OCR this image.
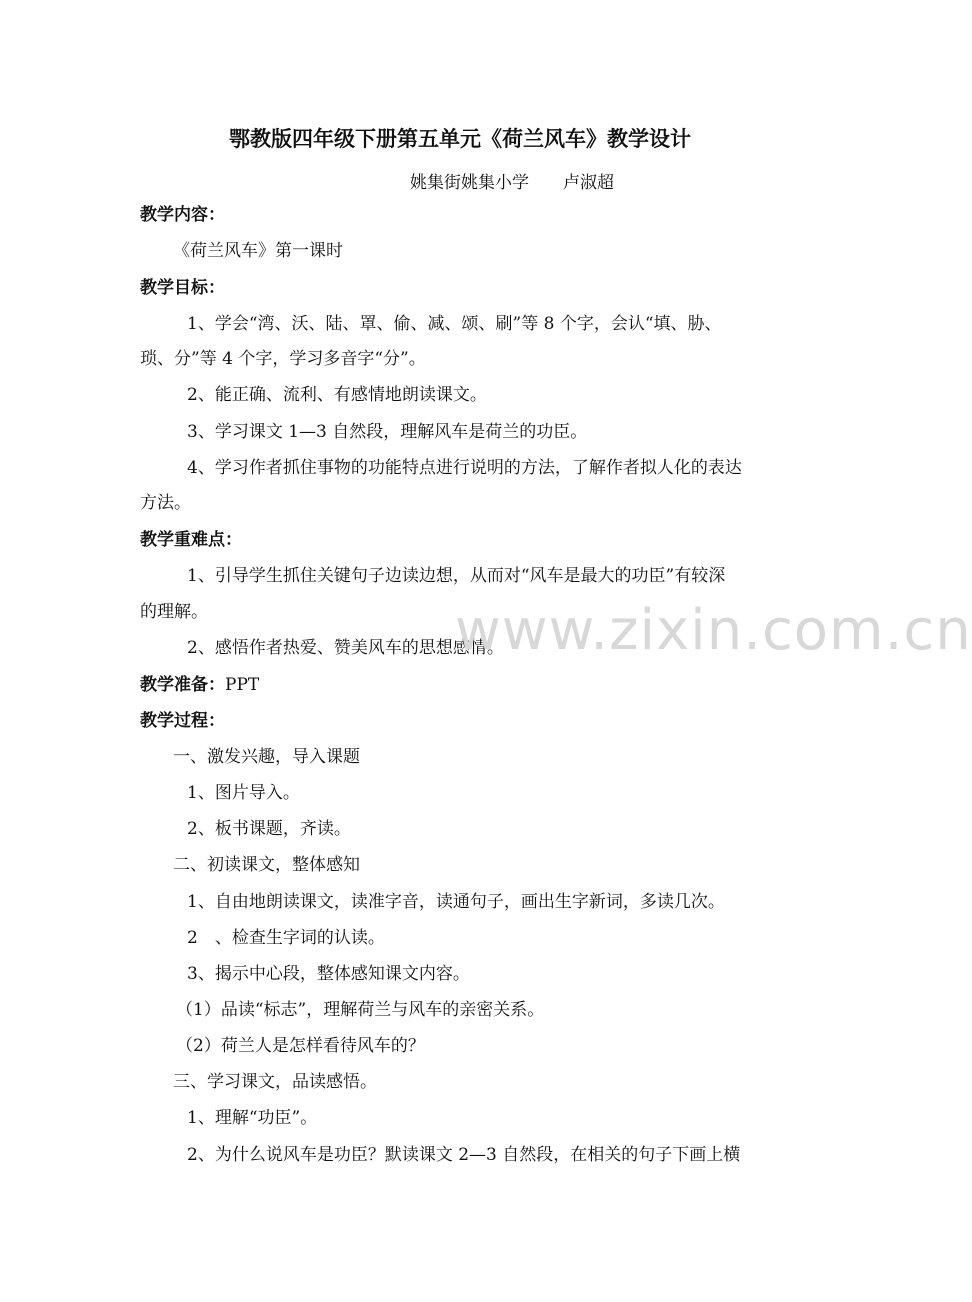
鄂教版四年级下册第五单元《荷兰风车》教学设计
姚集街姚集小学　　卢淑超
教学内容：
《荷兰风车》第一课时
教学目标：
1、学会“湾、沃、陆、罩、偷、减、颂、刷”等 8 个字，会认“填、胁、
琐、分”等 4 个字，学习多音字“分”。
2、能正确、流利、有感情地朗读课文。
3、学习课文 1—3 自然段，理解风车是荷兰的功臣。
4、学习作者抓住事物的功能特点进行说明的方法，了解作者拟人化的表达
方法。
教学重难点：
1、引导学生抓住关键句子边读边想，从而对“风车是最大的功臣”有较深
的理解。
2、感悟作者热爱、赞美风车的思想感情。
教学准备：PPT
教学过程：
一、激发兴趣，导入课题
1、图片导入。
2、板书课题，齐读。
二、初读课文，整体感知
1、自由地朗读课文，读准字音，读通句子，画出生字新词，多读几次。
2　、检查生字词的认读。
3、揭示中心段，整体感知课文内容。
（1）品读“标志”，理解荷兰与风车的亲密关系。
（2）荷兰人是怎样看待风车的？
三、学习课文，品读感悟。
1、理解“功臣”。
2、为什么说风车是功臣？默读课文 2—3 自然段，在相关的句子下画上横
www.zixin.com.cn
